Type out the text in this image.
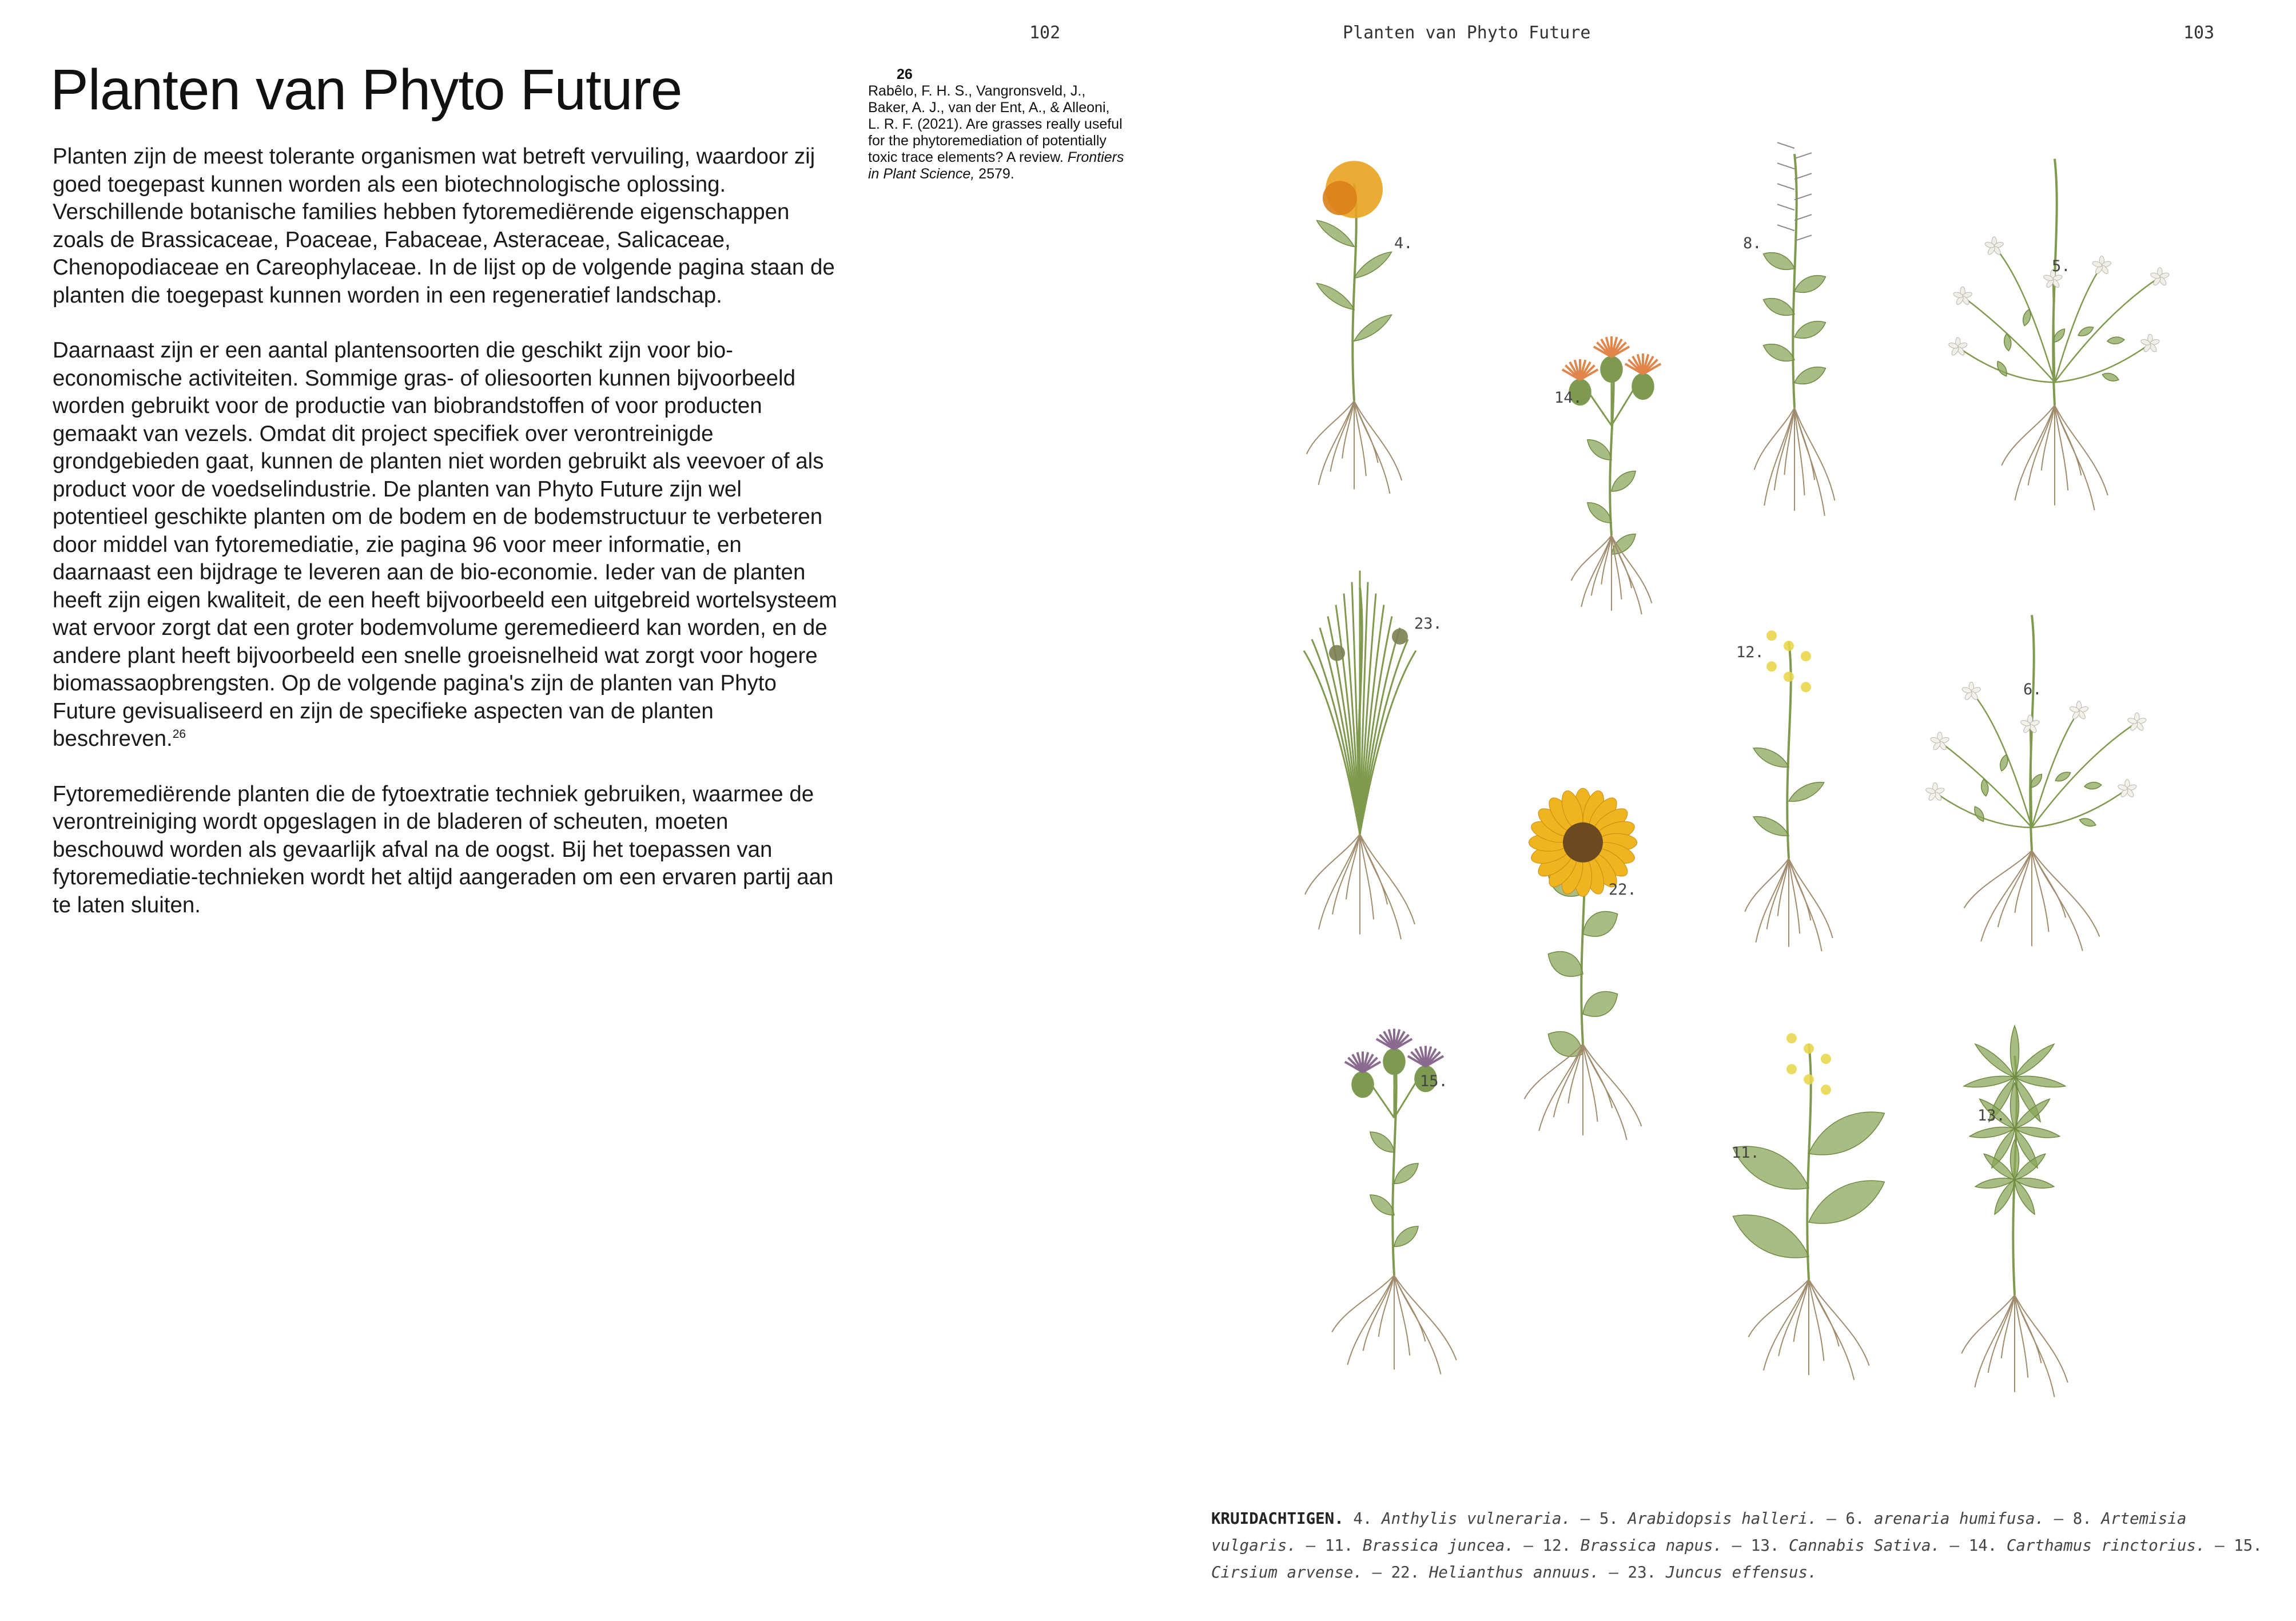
102
Planten van Phyto Future

Planten zijn de meest tolerante organismen wat betreft vervuiling, waardoor zij goed toegepast kunnen worden als een biotechnologische oplossing. Verschillende botanische families hebben fytoremediërende eigenschappen zoals de Brassicaceae, Poaceae, Fabaceae, Asteraceae, Salicaceae, Chenopodiaceae en Careophylaceae. In de lijst op de volgende pagina staan de planten die toegepast kunnen worden in een regeneratief landschap.

Daarnaast zijn er een aantal plantensoorten die geschikt zijn voor bio-economische activiteiten. Sommige gras- of oliesoorten kunnen bijvoorbeeld worden gebruikt voor de productie van biobrandstoffen of voor producten gemaakt van vezels. Omdat dit project specifiek over verontreinigde grondgebieden gaat, kunnen de planten niet worden gebruikt als veevoer of als product voor de voedselindustrie. De planten van Phyto Future zijn wel potentieel geschikte planten om de bodem en de bodemstructuur te verbeteren door middel van fytoremediatie, zie pagina 96 voor meer informatie, en daarnaast een bijdrage te leveren aan de bio-economie. Ieder van de planten heeft zijn eigen kwaliteit, de een heeft bijvoorbeeld een uitgebreid wortelsysteem wat ervoor zorgt dat een groter bodemvolume geremedieerd kan worden, en de andere plant heeft bijvoorbeeld een snelle groeisnelheid wat zorgt voor hogere biomassaopbrengsten. Op de volgende pagina's zijn de planten van Phyto Future gevisualiseerd en zijn de specifieke aspecten van de planten beschreven.$^{26}$

Fytoremediërende planten die de fytoextratie techniek gebruiken, waarmee de verontreiniging wordt opgeslagen in de bladeren of scheuten, moeten beschouwd worden als gevaarlijk afval na de oogst. Bij het toepassen van fytoremediatie-technieken wordt het altijd aangeraden om een ervaren partij aan te laten sluiten.

26
Rabêlo, F. H. S., Vangronsveld, J., Baker, A. J., van der Ent, A., & Alleoni, L. R. F. (2021). Are grasses really useful for the phytoremediation of potentially toxic trace elements? A review. Frontiers in Plant Science, 2579.
Planten van Phyto Future	103
4.	8.
5.
14.
23.
12.
6.
22.
15.
11.
13.
KRUIDACHTIGEN. 4. Anthylis vulneraria. — 5. Arabidopsis halleri. — 6. arenaria humifusa. — 8. Artemisia vulgaris. — 11. Brassica juncea. — 12. Brassica napus. — 13. Cannabis Sativa. — 14. Carthamus rinctorius. — 15. Cirsium arvense. — 22. Helianthus annuus. — 23. Juncus effensus.
